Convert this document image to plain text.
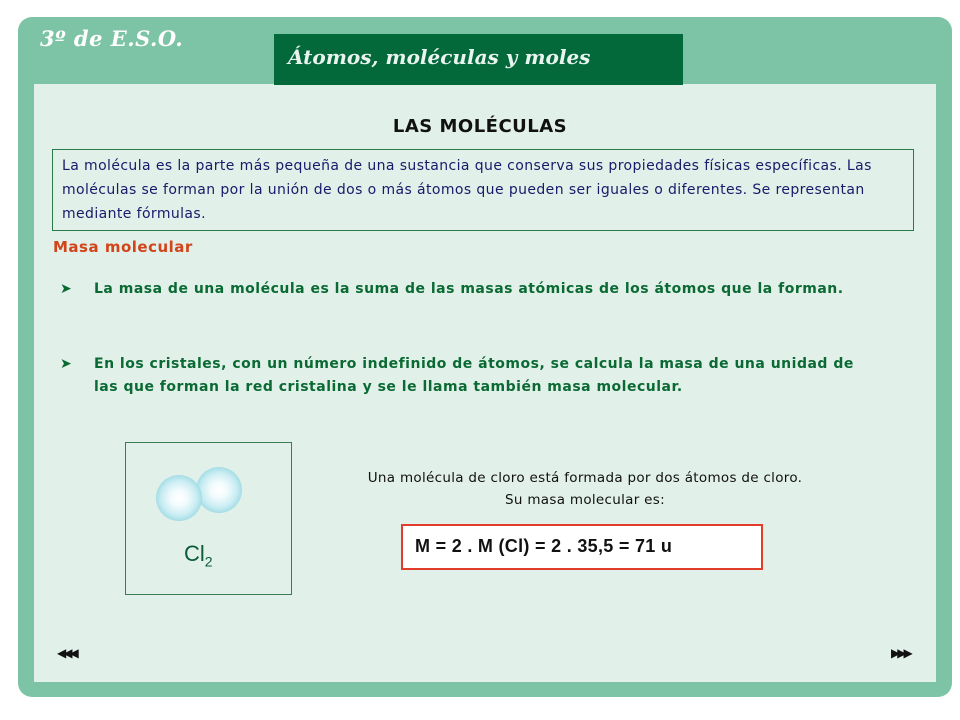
3º de E.S.O.
Átomos, moléculas y moles
LAS MOLÉCULAS
La molécula es la parte más pequeña de una sustancia que conserva sus propiedades físicas específicas. Las moléculas se forman por la unión de dos o más átomos que pueden ser iguales o diferentes. Se representan mediante fórmulas.
Masa molecular
➤ La masa de una molécula es la suma de las masas atómicas de los átomos que la forman.
➤ En los cristales, con un número indefinido de átomos, se calcula la masa de una unidad de las que forman la red cristalina y se le llama también masa molecular.
$Cl_2$
Una molécula de cloro está formada por dos átomos de cloro.
Su masa molecular es:
M = 2 . M (Cl) = 2 . 35,5 = 71 u
◀◀◀	▶▶▶
